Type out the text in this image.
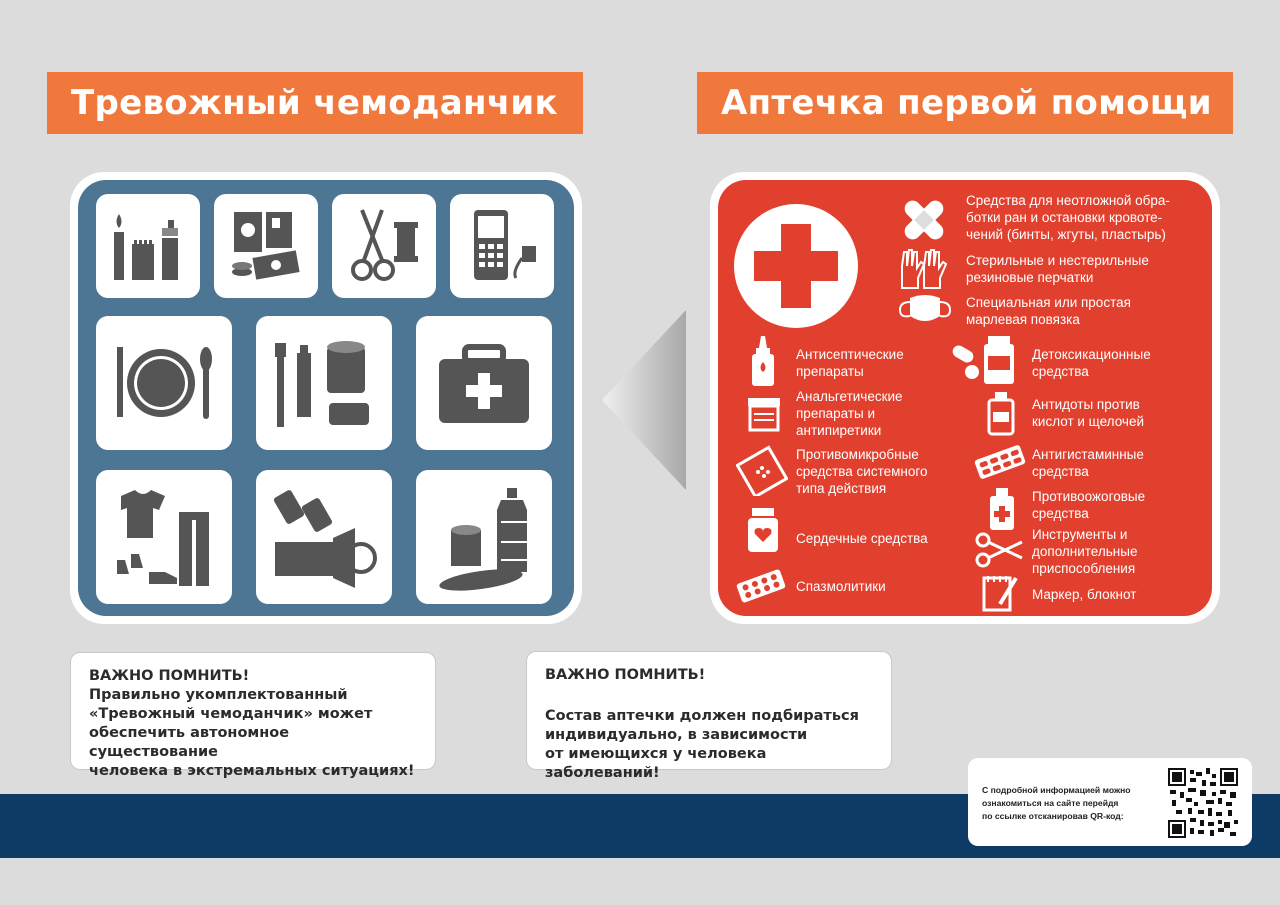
Тревожный чемоданчик	Аптечка первой помощи
Средства для неотложной обра-
ботки ран и остановки кровоте-
чений (бинты, жгуты, пластырь)
Стерильные и нестерильные
резиновые перчатки
Специальная или простая
марлевая повязка
Антисептические
препараты
Анальгетические
препараты и
антипиретики
Противомикробные
средства системного
типа действия
Сердечные средства
Спазмолитики
Детоксикационные
средства
Антидоты против
кислот и щелочей
Антигистаминные
средства
Противоожоговые
средства
Инструменты и
дополнительные
приспособления
Маркер, блокнот
ВАЖНО ПОМНИТЬ!
Правильно укомплектованный
«Тревожный чемоданчик» может
обеспечить автономное существование
человека в экстремальных ситуациях!
ВАЖНО ПОМНИТЬ!
Состав аптечки должен подбираться
индивидуально, в зависимости
от имеющихся у человека заболеваний!
С подробной информацией можно
ознакомиться на сайте перейдя
по ссылке отсканировав QR-код:
